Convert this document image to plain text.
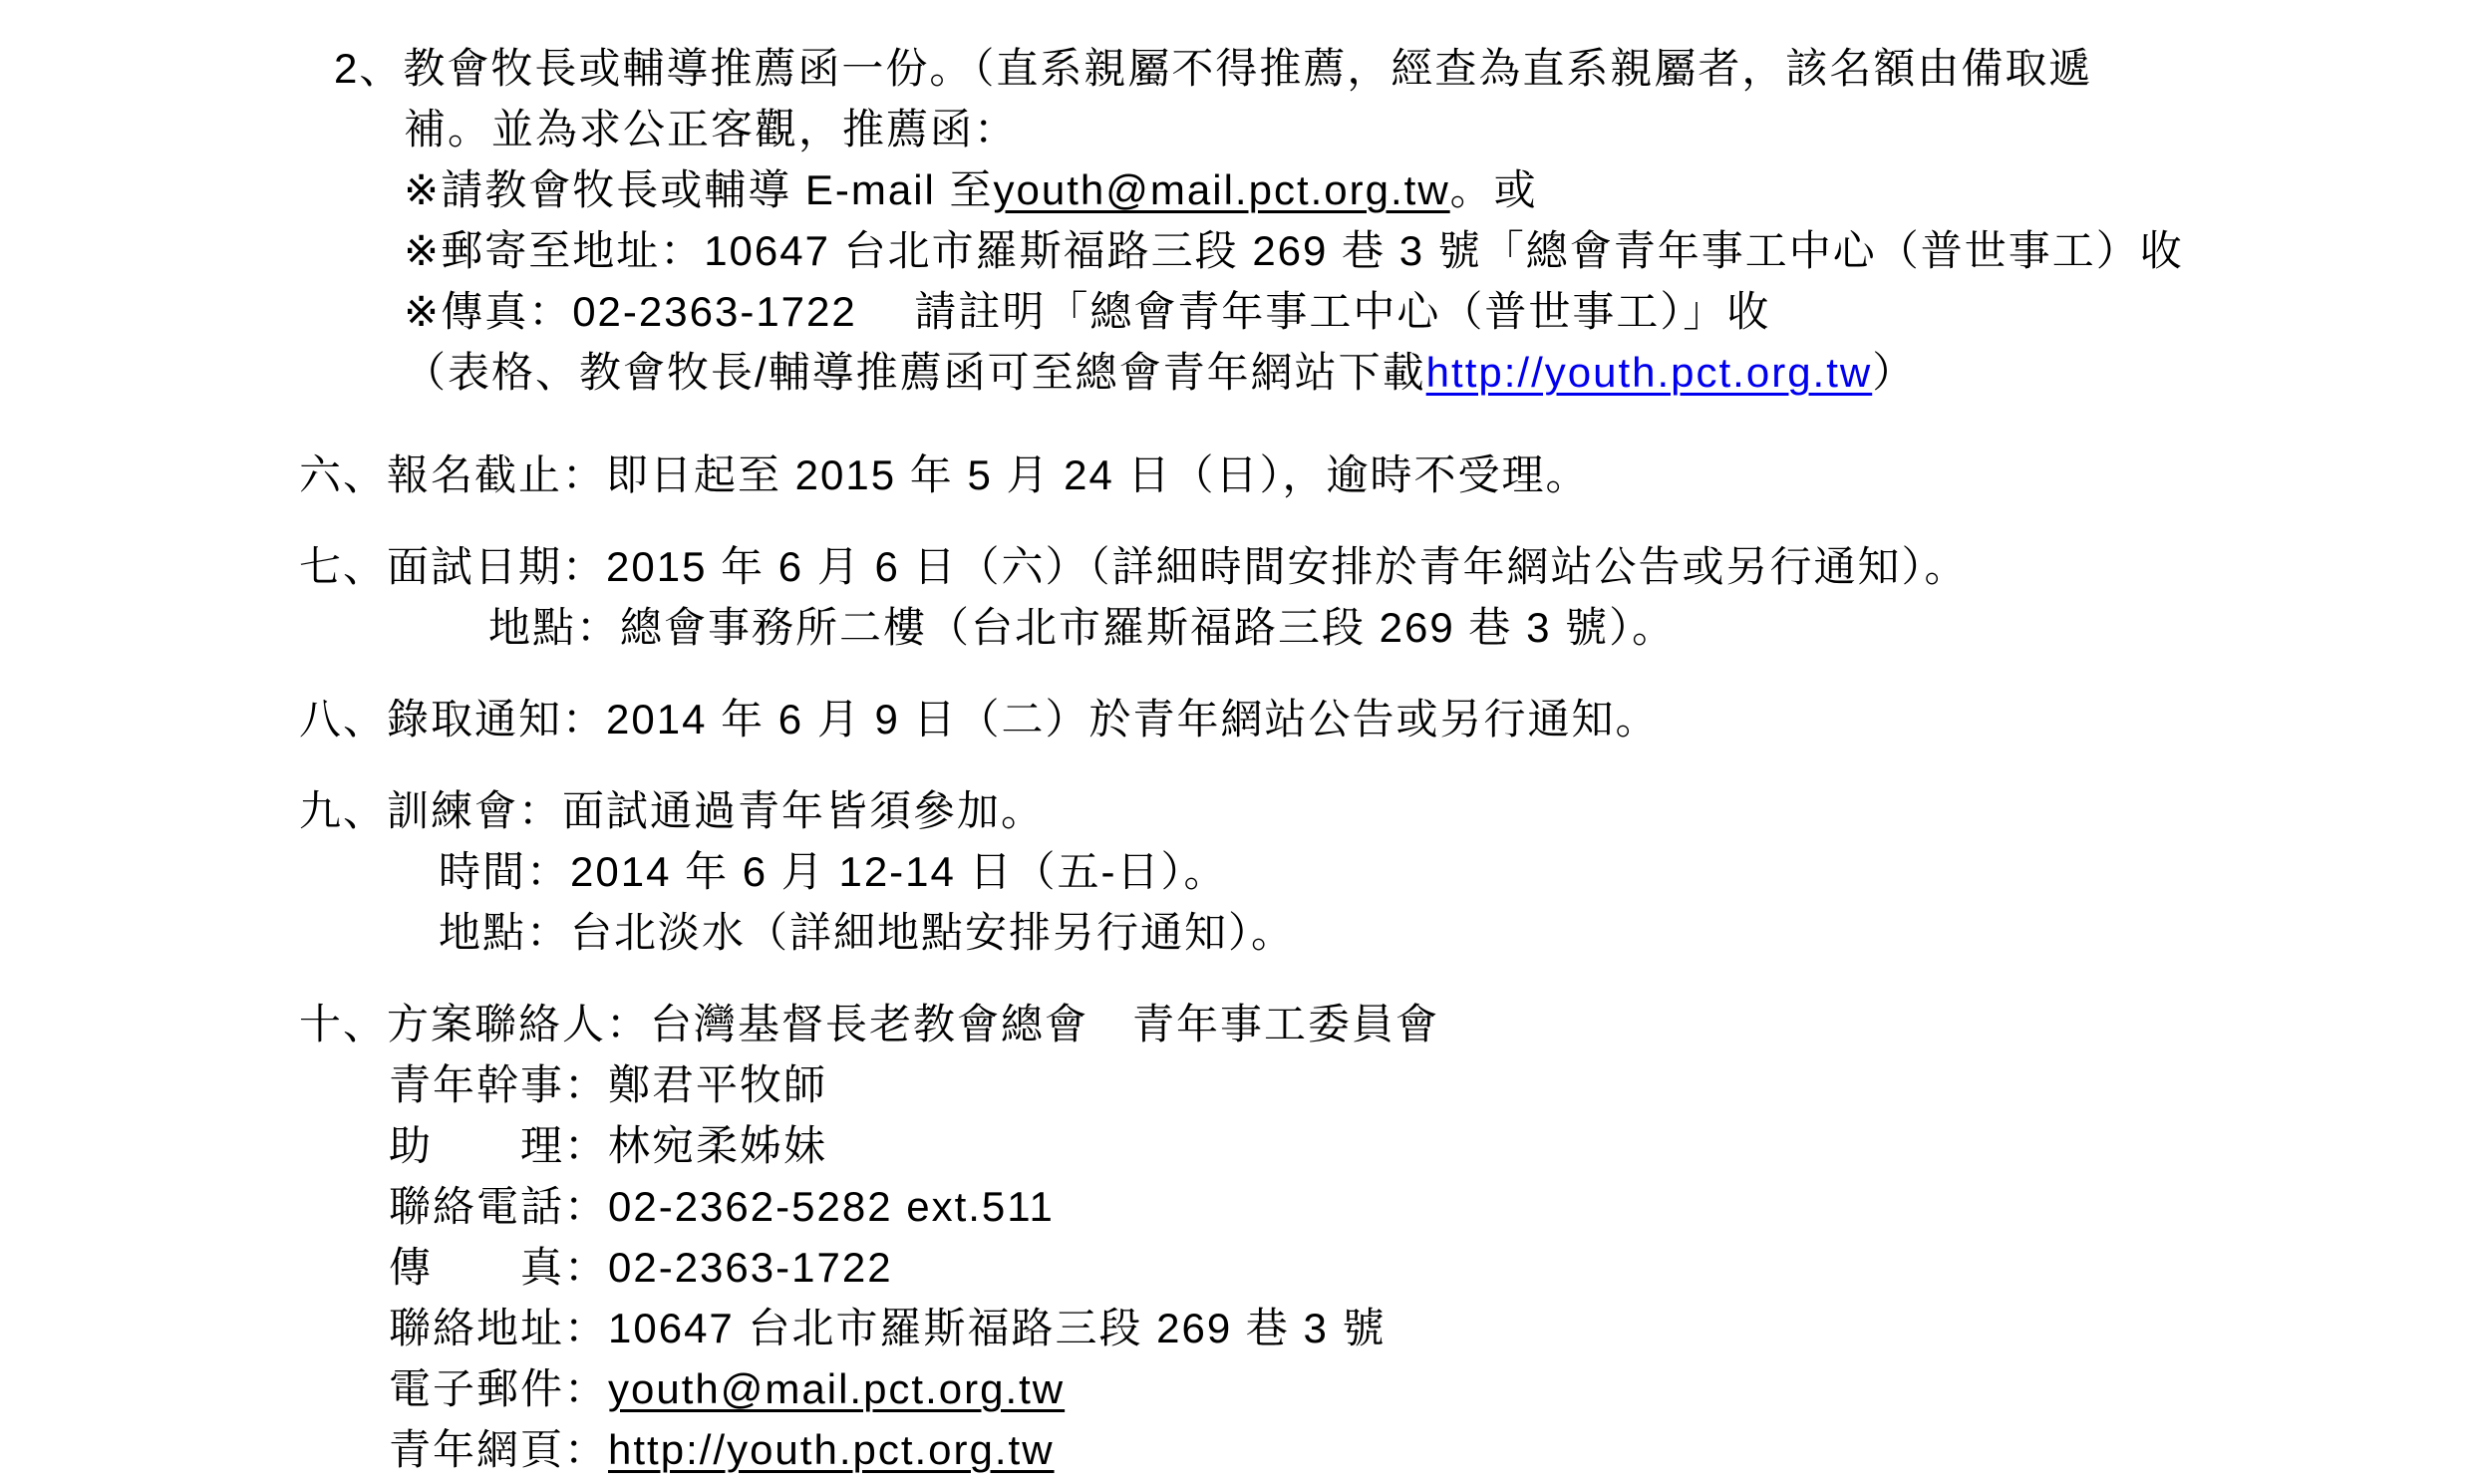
2、教會牧長或輔導推薦函一份。（直系親屬不得推薦，經查為直系親屬者，該名額由備取遞
補。並為求公正客觀，推薦函：
※請教會牧長或輔導 E-mail 至youth@mail.pct.org.tw。或
※郵寄至地址：10647 台北市羅斯福路三段 269 巷 3 號「總會青年事工中心（普世事工）收
※傳真：02-2363-1722　 請註明「總會青年事工中心（普世事工）」收
（表格、教會牧長/輔導推薦函可至總會青年網站下載http://youth.pct.org.tw）
六、報名截止：即日起至 2015 年 5 月 24 日（日），逾時不受理。
七、面試日期：2015 年 6 月 6 日（六）（詳細時間安排於青年網站公告或另行通知）。
地點：總會事務所二樓（台北市羅斯福路三段 269 巷 3 號）。
八、錄取通知：2014 年 6 月 9 日（二）於青年網站公告或另行通知。
九、訓練會：面試通過青年皆須參加。
時間：2014 年 6 月 12-14 日（五-日）。
地點：台北淡水（詳細地點安排另行通知）。
十、方案聯絡人：台灣基督長老教會總會　青年事工委員會
青年幹事：鄭君平牧師
助　　理：林宛柔姊妹
聯絡電話：02-2362-5282 ext.511
傳　　真：02-2363-1722
聯絡地址：10647 台北市羅斯福路三段 269 巷 3 號
電子郵件：youth@mail.pct.org.tw
青年網頁：http://youth.pct.org.tw
